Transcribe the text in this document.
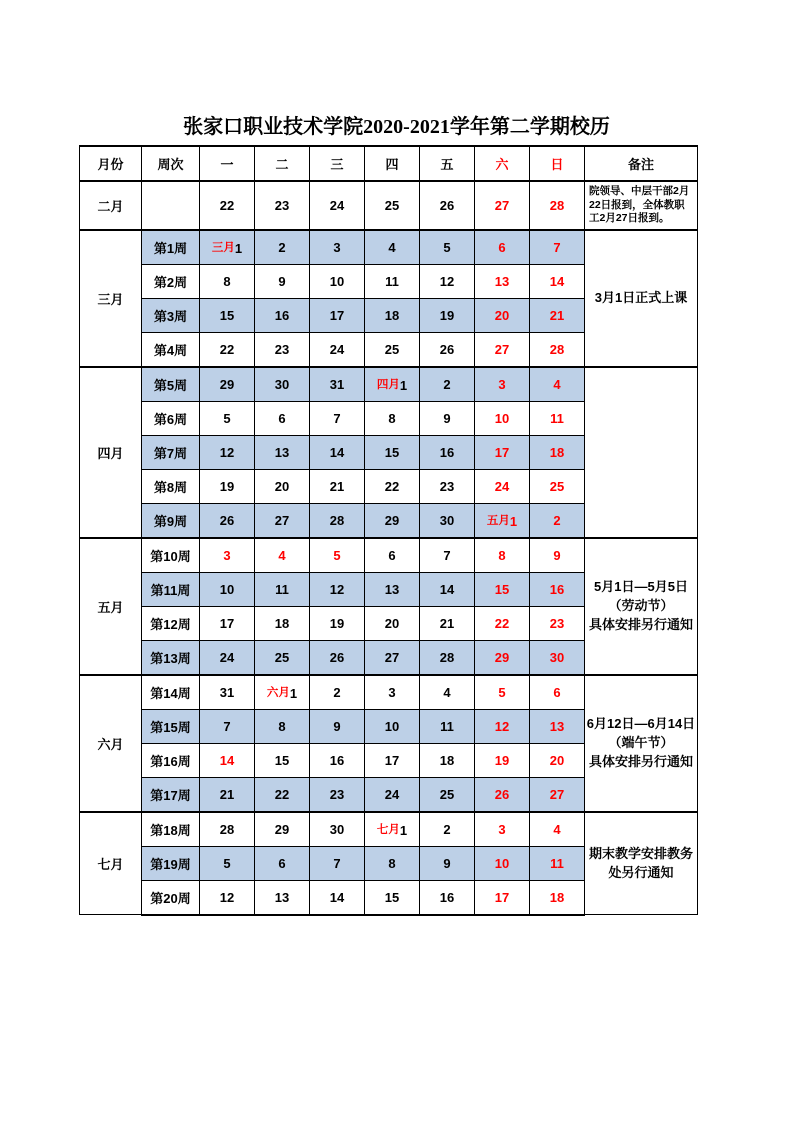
张家口职业技术学院2020-2021学年第二学期校历
月份	周次	一	二	三	四	五	六	日	备注
二月		22	23	24	25	26	27	28	院领导、中层干部2月22日报到，全体教职工2月27日报到。

三月	第1周	三月1	2	3	4	5	6	7	3月1日正式上课

	第2周	8	9	10	11	12	13	14	
	第3周	15	16	17	18	19	20	21	
	第4周	22	23	24	25	26	27	28	
四月	第5周	29	30	31	四月1	2	3	4	

	第6周	5	6	7	8	9	10	11	
	第7周	12	13	14	15	16	17	18	
	第8周	19	20	21	22	23	24	25	
	第9周	26	27	28	29	30	五月1	2	
五月	第10周	3	4	5	6	7	8	9	5月1日—5月5日
（劳动节）
具体安排另行通知

	第11周	10	11	12	13	14	15	16	
	第12周	17	18	19	20	21	22	23	
	第13周	24	25	26	27	28	29	30	
六月	第14周	31	六月1	2	3	4	5	6	6月12日—6月14日
（端午节）
具体安排另行通知

	第15周	7	8	9	10	11	12	13	
	第16周	14	15	16	17	18	19	20	
	第17周	21	22	23	24	25	26	27	
七月	第18周	28	29	30	七月1	2	3	4	期末教学安排教务处另行通知

	第19周	5	6	7	8	9	10	11	
	第20周	12	13	14	15	16	17	18	
